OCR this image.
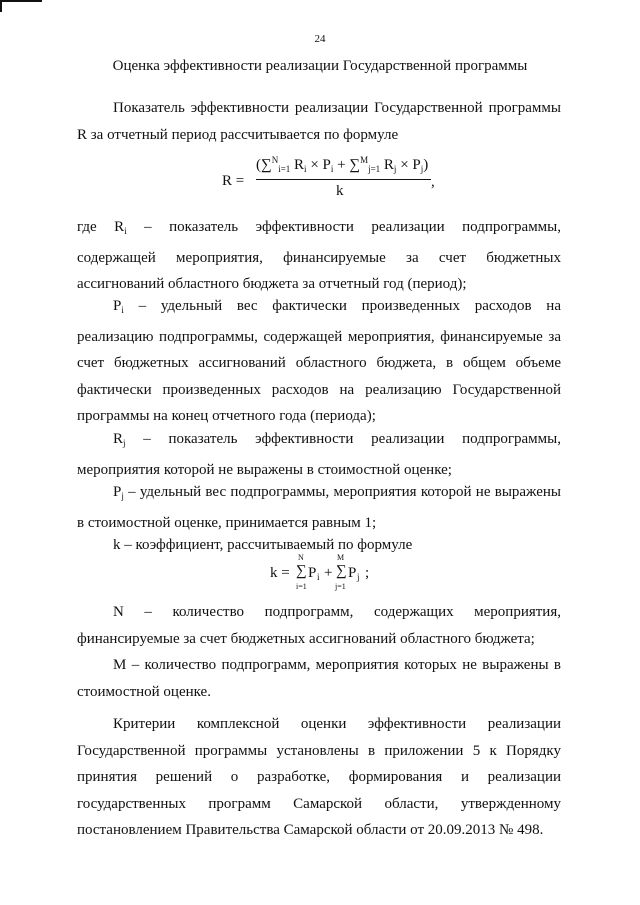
24
Оценка эффективности реализации Государственной программы

Показатель эффективности реализации Государственной программы R за отчетный период рассчитывается по формуле

R =
(∑Ni=1 $R_i \times P_i + \sum Mj=1$ $R_j \times P_j$)
k
,

где $R_i$ – показатель эффективности реализации подпрограммы, содержащей мероприятия, финансируемые за счет бюджетных ассигнований областного бюджета за отчетный год (период);

$P_i$ – удельный вес фактически произведенных расходов на реализацию подпрограммы, содержащей мероприятия, финансируемые за счет бюджетных ассигнований областного бюджета, в общем объеме фактически произведенных расходов на реализацию Государственной программы на конец отчетного года (периода);

$R_j$ – показатель эффективности реализации подпрограммы, мероприятия которой не выражены в стоимостной оценке;

$P_j$ – удельный вес подпрограммы, мероприятия которой не выражены в стоимостной оценке, принимается равным 1;

k – коэффициент, рассчитываемый по формуле

k =
N
∑
i=1
P i +
M
∑
j=1
P j ;

N – количество подпрограмм, содержащих мероприятия, финансируемые за счет бюджетных ассигнований областного бюджета;

M – количество подпрограмм, мероприятия которых не выражены в стоимостной оценке.

Критерии комплексной оценки эффективности реализации Государственной программы установлены в приложении 5 к Порядку принятия решений о разработке, формирования и реализации государственных программ Самарской области, утвержденному постановлением Правительства Самарской области от 20.09.2013 № 498.
